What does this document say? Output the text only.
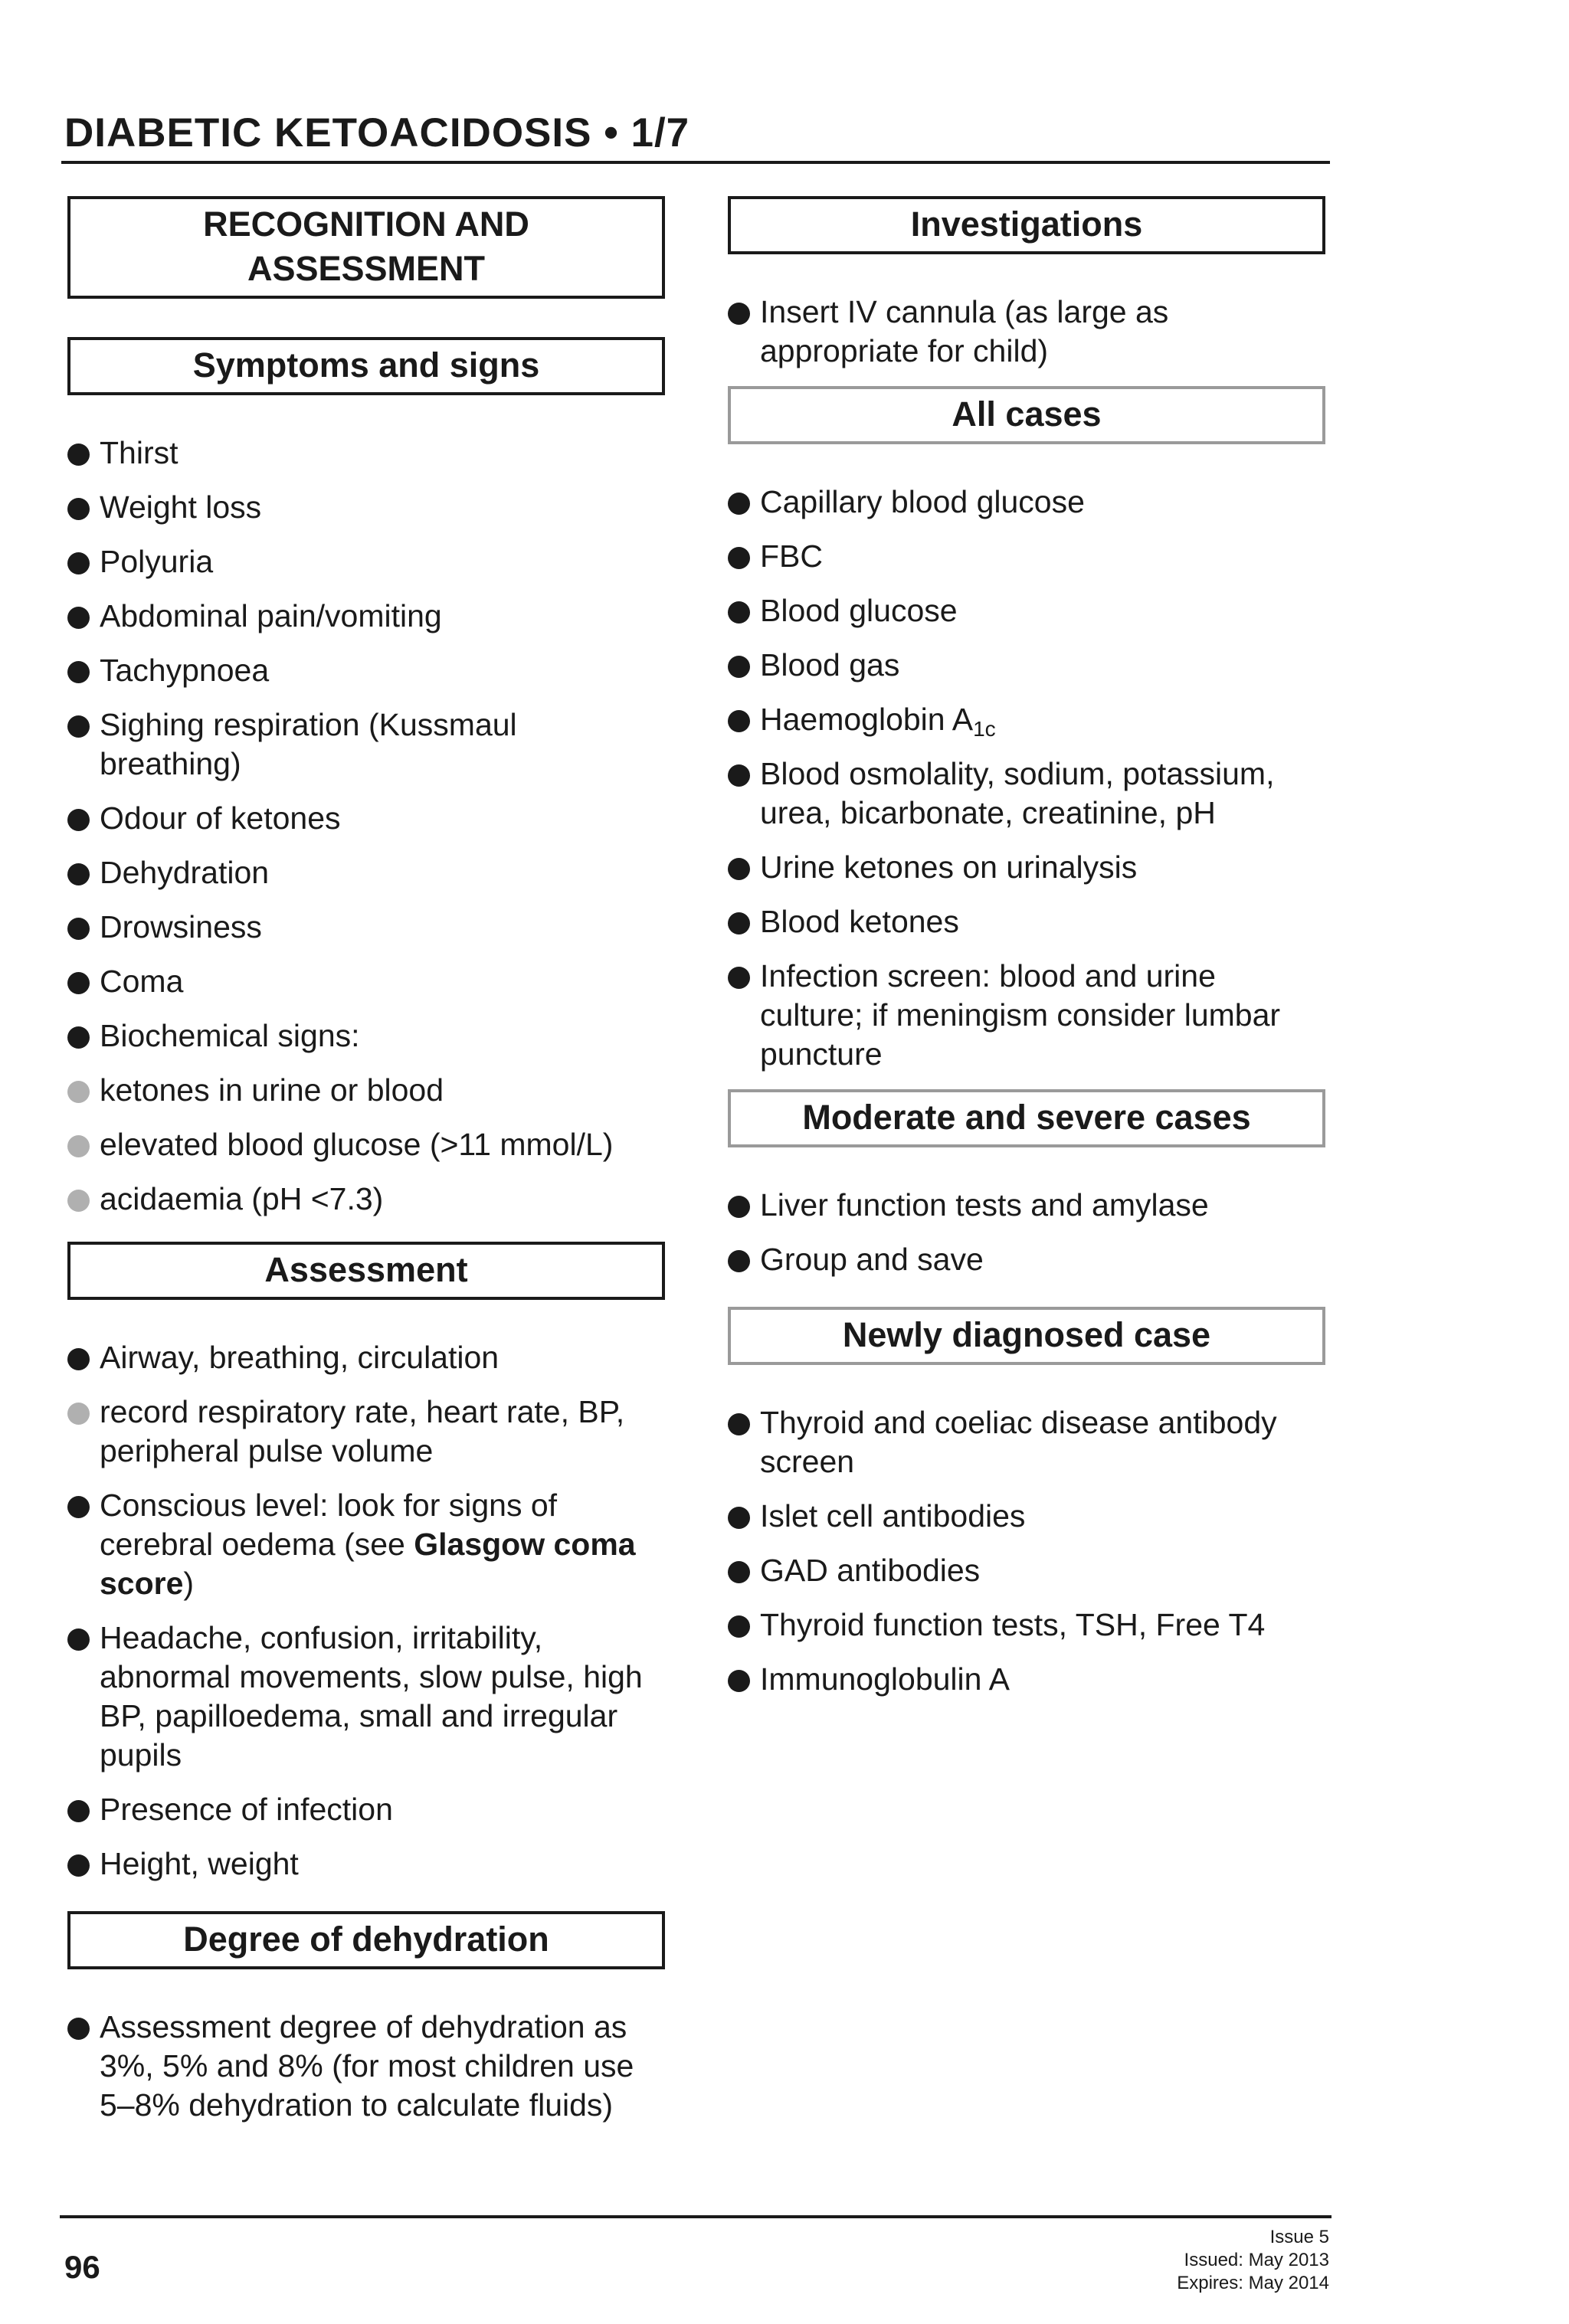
DIABETIC KETOACIDOSIS • 1/7
RECOGNITION AND ASSESSMENT
Symptoms and signs
Thirst
Weight loss
Polyuria
Abdominal pain/vomiting
Tachypnoea
Sighing respiration (Kussmaul breathing)
Odour of ketones
Dehydration
Drowsiness
Coma
Biochemical signs:
ketones in urine or blood
elevated blood glucose (>11 mmol/L)
acidaemia (pH <7.3)
Assessment
Airway, breathing, circulation
record respiratory rate, heart rate, BP, peripheral pulse volume
Conscious level: look for signs of cerebral oedema (see Glasgow coma score)
Headache, confusion, irritability, abnormal movements, slow pulse, high BP, papilloedema, small and irregular pupils
Presence of infection
Height, weight
Degree of dehydration
Assessment degree of dehydration as 3%, 5% and 8% (for most children use 5–8% dehydration to calculate fluids)
Investigations
Insert IV cannula (as large as appropriate for child)
All cases
Capillary blood glucose
FBC
Blood glucose
Blood gas
Haemoglobin $A_{1c}$
Blood osmolality, sodium, potassium, urea, bicarbonate, creatinine, pH
Urine ketones on urinalysis
Blood ketones
Infection screen: blood and urine culture; if meningism consider lumbar puncture
Moderate and severe cases
Liver function tests and amylase
Group and save
Newly diagnosed case
Thyroid and coeliac disease antibody screen
Islet cell antibodies
GAD antibodies
Thyroid function tests, TSH, Free T4
Immunoglobulin A
96
Issue 5
Issued: May 2013
Expires: May 2014
